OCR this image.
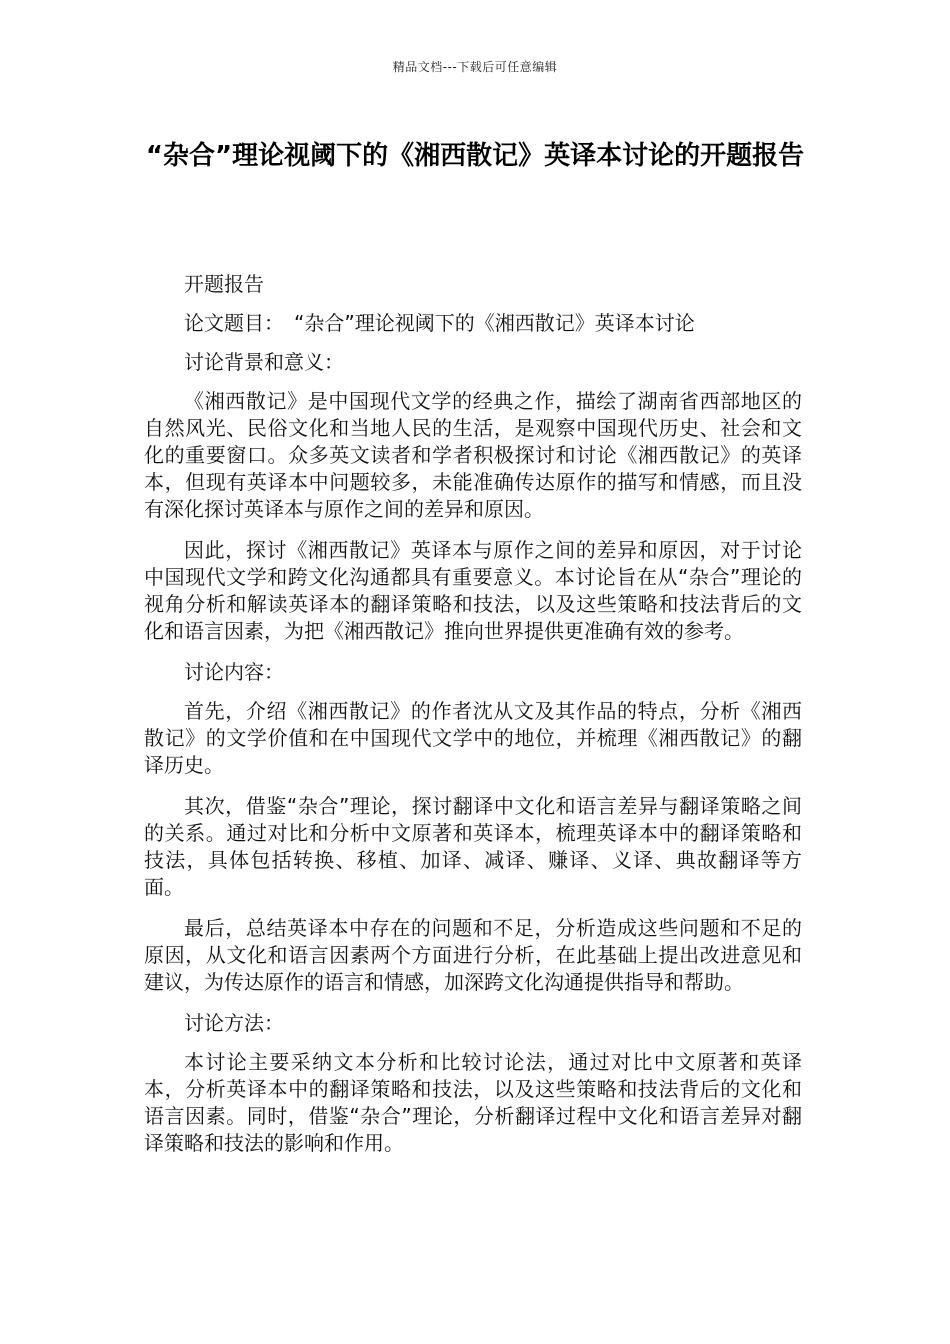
精品文档---下载后可任意编辑
“杂合”理论视阈下的《湘西散记》英译本讨论的开题报告

开题报告

论文题目：　“杂合”理论视阈下的《湘西散记》英译本讨论

讨论背景和意义：

《湘西散记》是中国现代文学的经典之作，描绘了湖南省西部地区的自然风光、民俗文化和当地人民的生活，是观察中国现代历史、社会和文化的重要窗口。众多英文读者和学者积极探讨和讨论《湘西散记》的英译本，但现有英译本中问题较多，未能准确传达原作的描写和情感，而且没有深化探讨英译本与原作之间的差异和原因。

因此，探讨《湘西散记》英译本与原作之间的差异和原因，对于讨论中国现代文学和跨文化沟通都具有重要意义。本讨论旨在从“杂合”理论的视角分析和解读英译本的翻译策略和技法，以及这些策略和技法背后的文化和语言因素，为把《湘西散记》推向世界提供更准确有效的参考。

讨论内容：

首先，介绍《湘西散记》的作者沈从文及其作品的特点，分析《湘西散记》的文学价值和在中国现代文学中的地位，并梳理《湘西散记》的翻译历史。

其次，借鉴“杂合”理论，探讨翻译中文化和语言差异与翻译策略之间的关系。通过对比和分析中文原著和英译本，梳理英译本中的翻译策略和技法，具体包括转换、移植、加译、减译、赚译、义译、典故翻译等方面。

最后，总结英译本中存在的问题和不足，分析造成这些问题和不足的原因，从文化和语言因素两个方面进行分析，在此基础上提出改进意见和建议，为传达原作的语言和情感，加深跨文化沟通提供指导和帮助。

讨论方法：

本讨论主要采纳文本分析和比较讨论法，通过对比中文原著和英译本，分析英译本中的翻译策略和技法，以及这些策略和技法背后的文化和语言因素。同时，借鉴“杂合”理论，分析翻译过程中文化和语言差异对翻译策略和技法的影响和作用。
